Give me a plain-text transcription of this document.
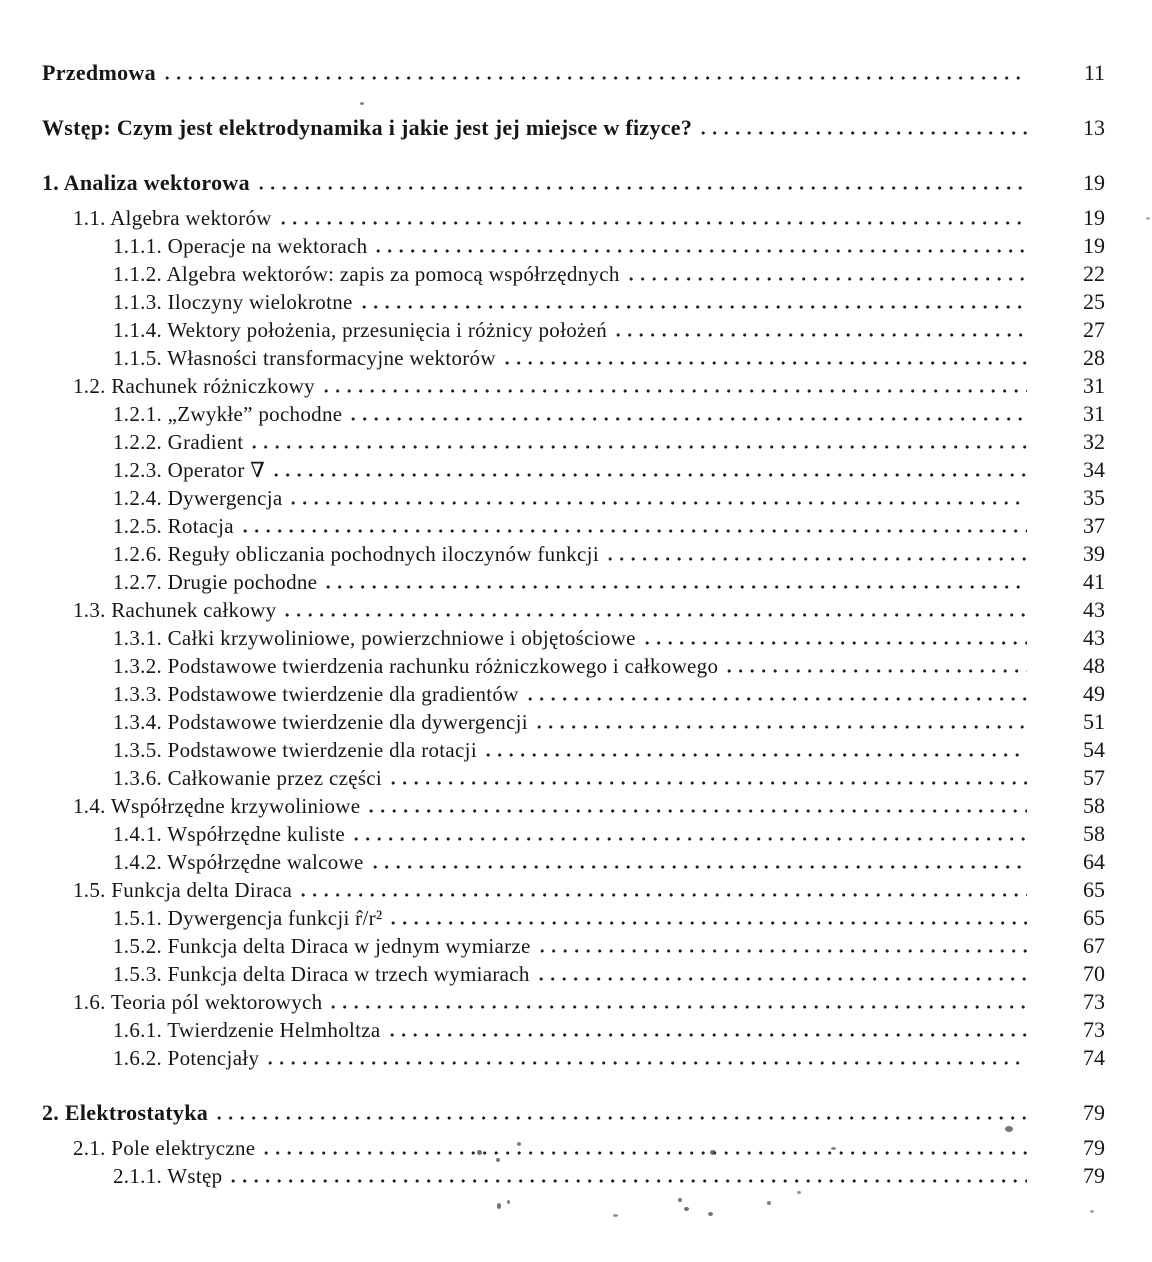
Przedmowa	11
Wstęp: Czym jest elektrodynamika i jakie jest jej miejsce w fizyce?	13
1. Analiza wektorowa	19
1.1. Algebra wektorów	19
1.1.1. Operacje na wektorach	19
1.1.2. Algebra wektorów: zapis za pomocą współrzędnych	22
1.1.3. Iloczyny wielokrotne	25
1.1.4. Wektory położenia, przesunięcia i różnicy położeń	27
1.1.5. Własności transformacyjne wektorów	28
1.2. Rachunek różniczkowy	31
1.2.1. „Zwykłe” pochodne	31
1.2.2. Gradient	32
1.2.3. Operator ∇	34
1.2.4. Dywergencja	35
1.2.5. Rotacja	37
1.2.6. Reguły obliczania pochodnych iloczynów funkcji	39
1.2.7. Drugie pochodne	41
1.3. Rachunek całkowy	43
1.3.1. Całki krzywoliniowe, powierzchniowe i objętościowe	43
1.3.2. Podstawowe twierdzenia rachunku różniczkowego i całkowego	48
1.3.3. Podstawowe twierdzenie dla gradientów	49
1.3.4. Podstawowe twierdzenie dla dywergencji	51
1.3.5. Podstawowe twierdzenie dla rotacji	54
1.3.6. Całkowanie przez części	57
1.4. Współrzędne krzywoliniowe	58
1.4.1. Współrzędne kuliste	58
1.4.2. Współrzędne walcowe	64
1.5. Funkcja delta Diraca	65
1.5.1. Dywergencja funkcji r̂/r²	65
1.5.2. Funkcja delta Diraca w jednym wymiarze	67
1.5.3. Funkcja delta Diraca w trzech wymiarach	70
1.6. Teoria pól wektorowych	73
1.6.1. Twierdzenie Helmholtza	73
1.6.2. Potencjały	74
2. Elektrostatyka	79
2.1. Pole elektryczne	79
2.1.1. Wstęp	79
